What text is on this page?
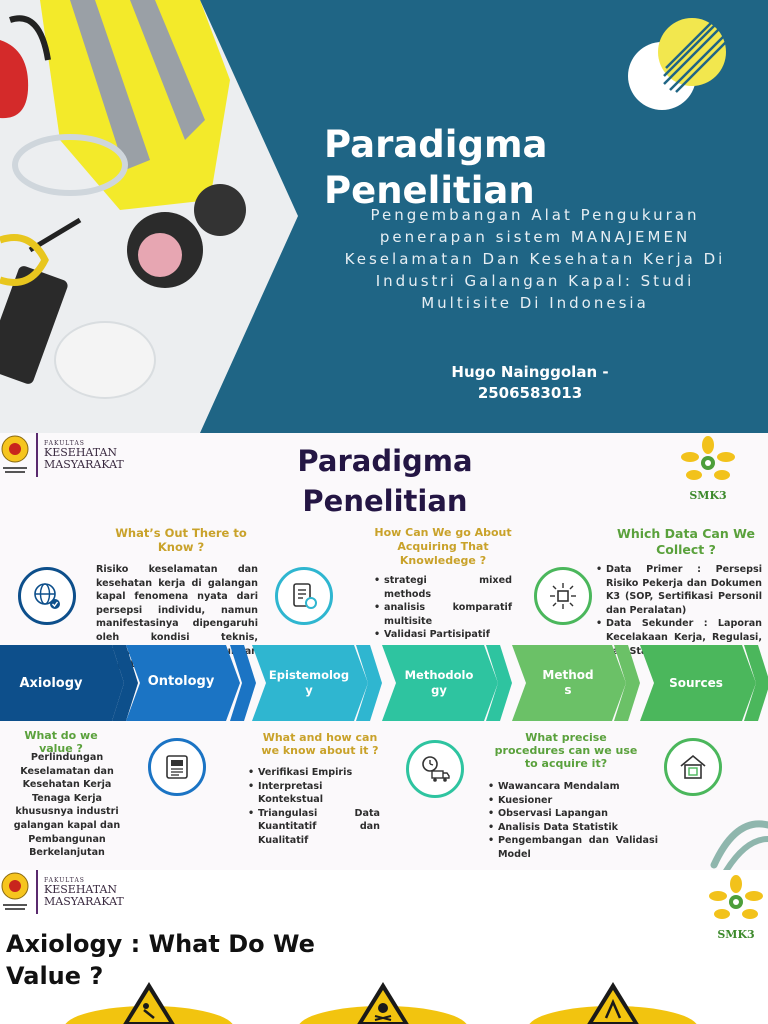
Paradigma Penelitian
Pengembangan Alat Pengukuran penerapan sistem MANAJEMEN Keselamatan Dan Kesehatan Kerja Di Industri Galangan Kapal: Studi Multisite Di Indonesia
Hugo Nainggolan -
2506583013
FAKULTAS
KESEHATAN
MASYARAKAT
SMK3
Paradigma Penelitian
What’s Out There to Know ?
How Can We go About Acquiring That Knowledege ?
Which Data Can We Collect ?
Risiko keselamatan dan kesehatan kerja di galangan kapal fenomena nyata dari persepsi individu, namun manifestasinya dipengaruhi oleh kondisi teknis,
• strategi mixed methods
• analisis komparatif multisite
• Validasi Partisipatif
• Data Primer : Persepsi Risiko Pekerja dan Dokumen K3 (SOP, Sertifikasi Personil dan Peralatan)
• Data Sekunder : Laporan Kecelakaan Kerja, Regulasi,
Axiology	Ontology	Epistemolog
y
Methodolo
gy
Method
s	Sources
What do we value ?
What and how can we know about it ?
What precise procedures can we use to acquire it?
Perlindungan Keselamatan dan Kesehatan Kerja Tenaga Kerja khususnya industri galangan kapal dan Pembangunan Berkelanjutan
• Verifikasi Empiris
• Interpretasi Kontekstual
• Triangulasi Data Kuantitatif dan Kualitatif
• Wawancara Mendalam
• Kuesioner
• Observasi Lapangan
• Analisis Data Statistik
• Pengembangan dan Validasi Model
FAKULTAS
KESEHATAN
MASYARAKAT
SMK3
Axiology : What Do We Value ?
